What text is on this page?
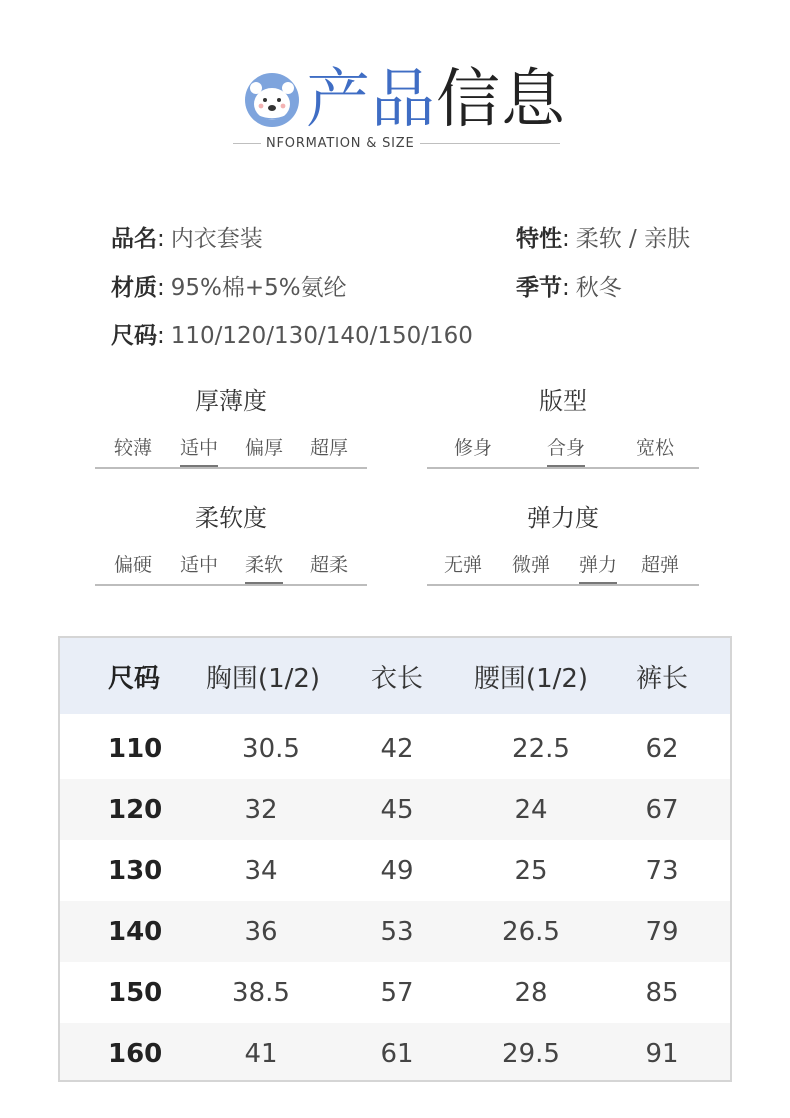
产品信息
NFORMATION & SIZE
品名: 内衣套装	特性: 柔软 / 亲肤
材质: 95%棉+5%氨纶	季节: 秋冬
尺码: 110/120/130/140/150/160
厚薄度
较薄	适中	偏厚	超厚
版型
修身	合身	宽松
柔软度
偏硬	适中	柔软	超柔
弹力度
无弹	微弹	弹力	超弹
尺码	胸围(1/2)	衣长	腰围(1/2)	裤长
110	30.5	42	22.5	62
120	32	45	24	67
130	34	49	25	73
140	36	53	26.5	79
150	38.5	57	28	85
160	41	61	29.5	91
